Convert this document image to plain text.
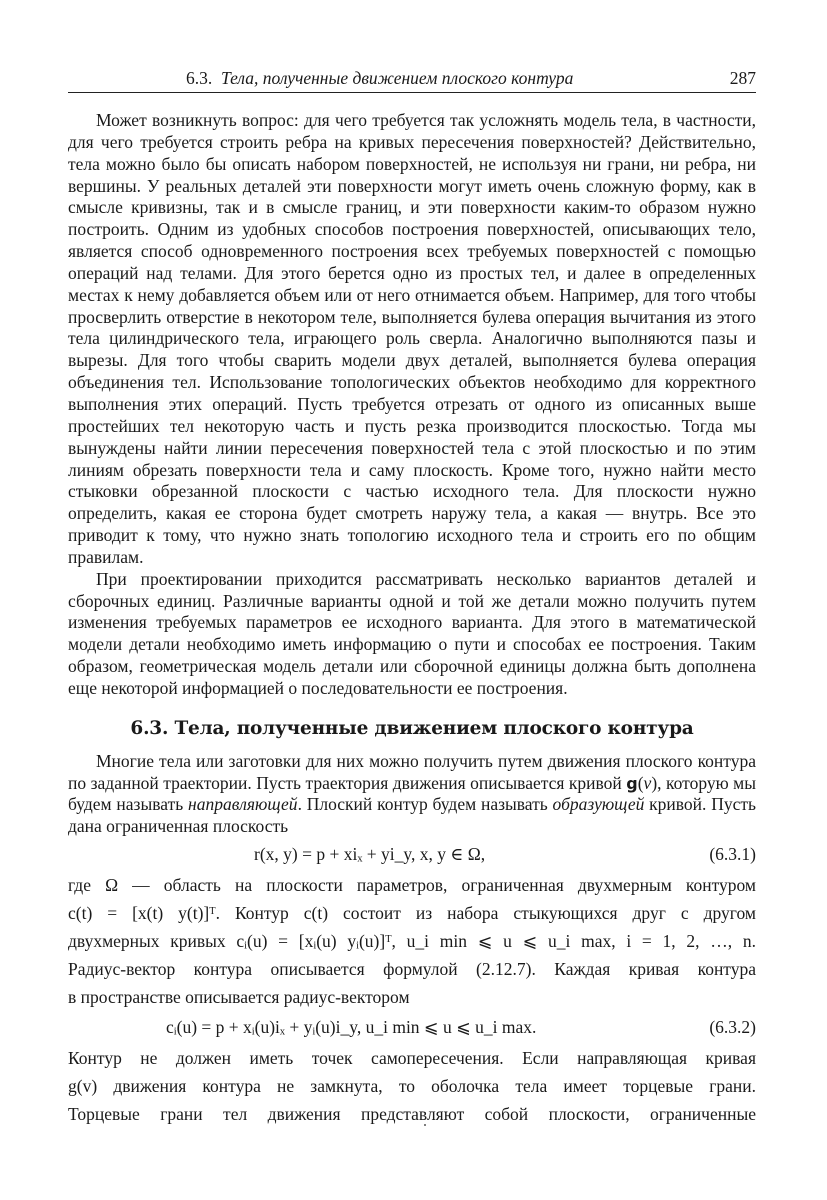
6.3. Тела, полученные движением плоского контура	287

Может возникнуть вопрос: для чего требуется так усложнять модель тела, в частности, для чего требуется строить ребра на кривых пересечения поверхностей? Действительно, тела можно было бы описать набором поверхностей, не используя ни грани, ни ребра, ни вершины. У реальных деталей эти поверхности могут иметь очень сложную форму, как в смысле кривизны, так и в смысле границ, и эти поверхности каким-то образом нужно построить. Одним из удобных способов построения поверхностей, описывающих тело, является способ одновременного построения всех требуемых поверхностей с помощью операций над телами. Для этого берется одно из простых тел, и далее в определенных местах к нему добавляется объем или от него отнимается объем. Например, для того чтобы просверлить отверстие в некотором теле, выполняется булева операция вычитания из этого тела цилиндрического тела, играющего роль сверла. Аналогично выполняются пазы и вырезы. Для того чтобы сварить модели двух деталей, выполняется булева операция объединения тел. Использование топологических объектов необходимо для корректного выполнения этих операций. Пусть требуется отрезать от одного из описанных выше простейших тел некоторую часть и пусть резка производится плоскостью. Тогда мы вынуждены найти линии пересечения поверхностей тела с этой плоскостью и по этим линиям обрезать поверхности тела и саму плоскость. Кроме того, нужно найти место стыковки обрезанной плоскости с частью исходного тела. Для плоскости нужно определить, какая ее сторона будет смотреть наружу тела, а какая — внутрь. Все это приводит к тому, что нужно знать топологию исходного тела и строить его по общим правилам.

При проектировании приходится рассматривать несколько вариантов деталей и сборочных единиц. Различные варианты одной и той же детали можно получить путем изменения требуемых параметров ее исходного варианта. Для этого в математической модели детали необходимо иметь информацию о пути и способах ее построения. Таким образом, геометрическая модель детали или сборочной единицы должна быть дополнена еще некоторой информацией о последовательности ее построения.

6.3. Тела, полученные движением плоского контура

Многие тела или заготовки для них можно получить путем движения плоского контура по заданной траектории. Пусть траектория движения описывается кривой g(v), которую мы будем называть направляющей. Плоский контур будем называть образующей кривой. Пусть дана ограниченная плоскость

r(x, y) = p + xiₓ + yi_y, x, y ∈ Ω,	(6.3.1)
где Ω — область на плоскости параметров, ограниченная двухмерным контуром
c(t) = [x(t) y(t)]ᵀ. Контур c(t) состоит из набора стыкующихся друг с другом
двухмерных кривых cᵢ(u) = [xᵢ(u) yᵢ(u)]ᵀ, u_i min ⩽ u ⩽ u_i max, i = 1, 2, …, n.
Радиус-вектор контура описывается формулой (2.12.7). Каждая кривая контура
в пространстве описывается радиус-вектором
cᵢ(u) = p + xᵢ(u)iₓ + yᵢ(u)i_y, u_i min ⩽ u ⩽ u_i max.	(6.3.2)
Контур не должен иметь точек самопересечения. Если направляющая кривая
g(v) движения контура не замкнута, то оболочка тела имеет торцевые грани.
Торцевые грани тел движения представляют собой плоскости, ограниченные
